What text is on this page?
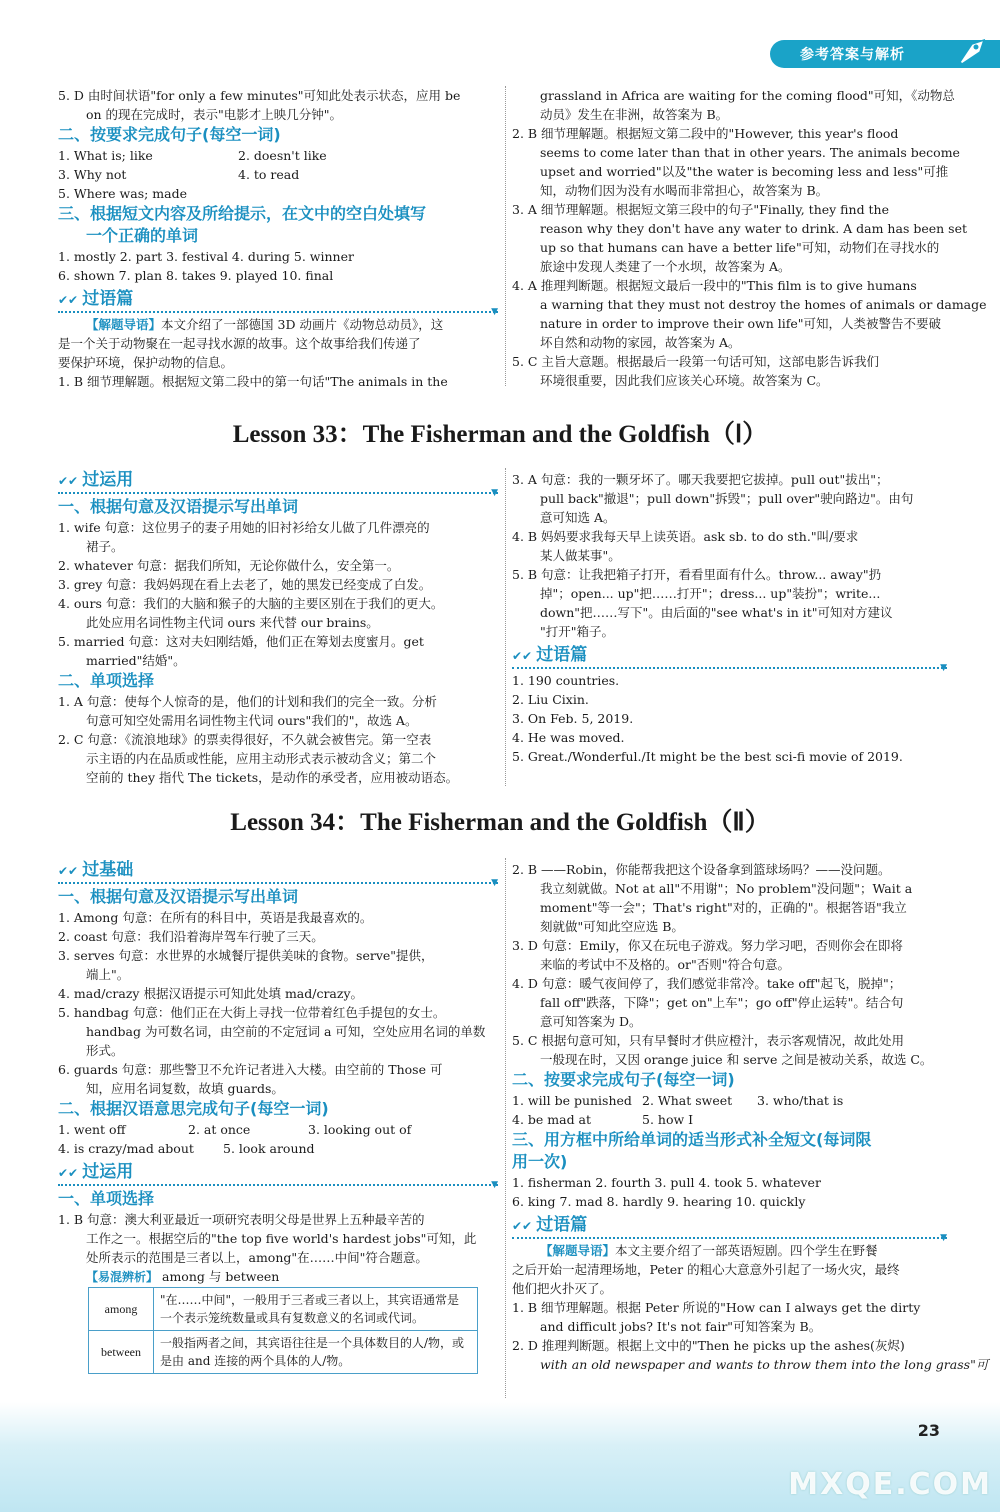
参考答案与解析
5. D 由时间状语"for only a few minutes"可知此处表示状态，应用 be
on 的现在完成时，表示"电影才上映几分钟"。
二、按要求完成句子(每空一词)
1. What is; like	2. doesn't like
3. Why not	4. to read
5. Where was; made
三、根据短文内容及所给提示，在文中的空白处填写
一个正确的单词
1. mostly 2. part 3. festival 4. during 5. winner
6. shown 7. plan 8. takes 9. played 10. final
✔✔ 过语篇
▼
【解题导语】本文介绍了一部德国 3D 动画片《动物总动员》，这
是一个关于动物聚在一起寻找水源的故事。这个故事给我们传递了
要保护环境，保护动物的信息。
1. B 细节理解题。根据短文第二段中的第一句话"The animals in the
grassland in Africa are waiting for the coming flood"可知，《动物总
动员》发生在非洲，故答案为 B。
2. B 细节理解题。根据短文第二段中的"However, this year's flood
seems to come later than that in other years. The animals become
upset and worried"以及"the water is becoming less and less"可推
知，动物们因为没有水喝而非常担心，故答案为 B。
3. A 细节理解题。根据短文第三段中的句子"Finally, they find the
reason why they don't have any water to drink. A dam has been set
up so that humans can have a better life"可知，动物们在寻找水的
旅途中发现人类建了一个水坝，故答案为 A。
4. A 推理判断题。根据短文最后一段中的"This film is to give humans
a warning that they must not destroy the homes of animals or damage
nature in order to improve their own life"可知，人类被警告不要破
坏自然和动物的家园，故答案为 A。
5. C 主旨大意题。根据最后一段第一句话可知，这部电影告诉我们
环境很重要，因此我们应该关心环境。故答案为 C。
Lesson 33：The Fisherman and the Goldfish（Ⅰ）
✔✔ 过运用
▼
一、根据句意及汉语提示写出单词
1. wife 句意：这位男子的妻子用她的旧衬衫给女儿做了几件漂亮的
裙子。
2. whatever 句意：据我们所知，无论你做什么，安全第一。
3. grey 句意：我妈妈现在看上去老了，她的黑发已经变成了白发。
4. ours 句意：我们的大脑和猴子的大脑的主要区别在于我们的更大。
此处应用名词性物主代词 ours 来代替 our brains。
5. married 句意：这对夫妇刚结婚，他们正在筹划去度蜜月。get
married"结婚"。
二、单项选择
1. A 句意：使每个人惊奇的是，他们的计划和我们的完全一致。分析
句意可知空处需用名词性物主代词 ours"我们的"，故选 A。
2. C 句意：《流浪地球》的票卖得很好，不久就会被售完。第一空表
示主语的内在品质或性能，应用主动形式表示被动含义；第二个
空前的 they 指代 The tickets，是动作的承受者，应用被动语态。
3. A 句意：我的一颗牙坏了。哪天我要把它拔掉。pull out"拔出"；
pull back"撤退"；pull down"拆毁"；pull over"驶向路边"。由句
意可知选 A。
4. B 妈妈要求我每天早上读英语。ask sb. to do sth."叫/要求
某人做某事"。
5. B 句意：让我把箱子打开，看看里面有什么。throw... away"扔
掉"；open... up"把……打开"；dress... up"装扮"；write...
down"把……写下"。由后面的"see what's in it"可知对方建议
"打开"箱子。
✔✔ 过语篇
▼
1. 190 countries.
2. Liu Cixin.
3. On Feb. 5, 2019.
4. He was moved.
5. Great./Wonderful./It might be the best sci-fi movie of 2019.
Lesson 34：The Fisherman and the Goldfish（Ⅱ）
✔✔ 过基础
▼
一、根据句意及汉语提示写出单词
1. Among 句意：在所有的科目中，英语是我最喜欢的。
2. coast 句意：我们沿着海岸驾车行驶了三天。
3. serves 句意：水世界的水城餐厅提供美味的食物。serve"提供，
端上"。
4. mad/crazy 根据汉语提示可知此处填 mad/crazy。
5. handbag 句意：他们正在大街上寻找一位带着红色手提包的女士。
handbag 为可数名词，由空前的不定冠词 a 可知，空处应用名词的单数
形式。
6. guards 句意：那些警卫不允许记者进入大楼。由空前的 Those 可
知，应用名词复数，故填 guards。
二、根据汉语意思完成句子(每空一词)
1. went off	2. at once	3. looking out of
4. is crazy/mad about 5. look around
✔✔ 过运用
▼
一、单项选择
1. B 句意：澳大利亚最近一项研究表明父母是世界上五种最辛苦的
工作之一。根据空后的"the top five world's hardest jobs"可知，此
处所表示的范围是三者以上，among"在……中间"符合题意。
【易混辨析】 among 与 between
among	"在……中间"，一般用于三者或三者以上，其宾语通常是一个表示笼统数量或具有复数意义的名词或代词。
between	一般指两者之间，其宾语往往是一个具体数目的人/物，或是由 and 连接的两个具体的人/物。
2. B ——Robin，你能帮我把这个设备拿到篮球场吗？——没问题。
我立刻就做。Not at all"不用谢"；No problem"没问题"；Wait a
moment"等一会"；That's right"对的，正确的"。根据答语"我立
刻就做"可知此空应选 B。
3. D 句意：Emily，你又在玩电子游戏。努力学习吧，否则你会在即将
来临的考试中不及格的。or"否则"符合句意。
4. D 句意：暖气夜间停了，我们感觉非常冷。take off"起飞，脱掉"；
fall off"跌落，下降"；get on"上车"；go off"停止运转"。结合句
意可知答案为 D。
5. C 根据句意可知，只有早餐时才供应橙汁，表示客观情况，故此处用
一般现在时，又因 orange juice 和 serve 之间是被动关系，故选 C。
二、按要求完成句子(每空一词)
1. will be punished 2. What sweet 3. who/that is
4. be mad at	5. how I
三、用方框中所给单词的适当形式补全短文(每词限
用一次)
1. fisherman 2. fourth 3. pull 4. took 5. whatever
6. king 7. mad 8. hardly 9. hearing 10. quickly
✔✔ 过语篇
▼
【解题导语】本文主要介绍了一部英语短剧。四个学生在野餐
之后开始一起清理场地，Peter 的粗心大意意外引起了一场火灾，最终
他们把火扑灭了。
1. B 细节理解题。根据 Peter 所说的"How can I always get the dirty
and difficult jobs? It's not fair"可知答案为 B。
2. D 推理判断题。根据上文中的"Then he picks up the ashes(灰烬)
with an old newspaper and wants to throw them into the long grass"可
23
MXQE.COM
